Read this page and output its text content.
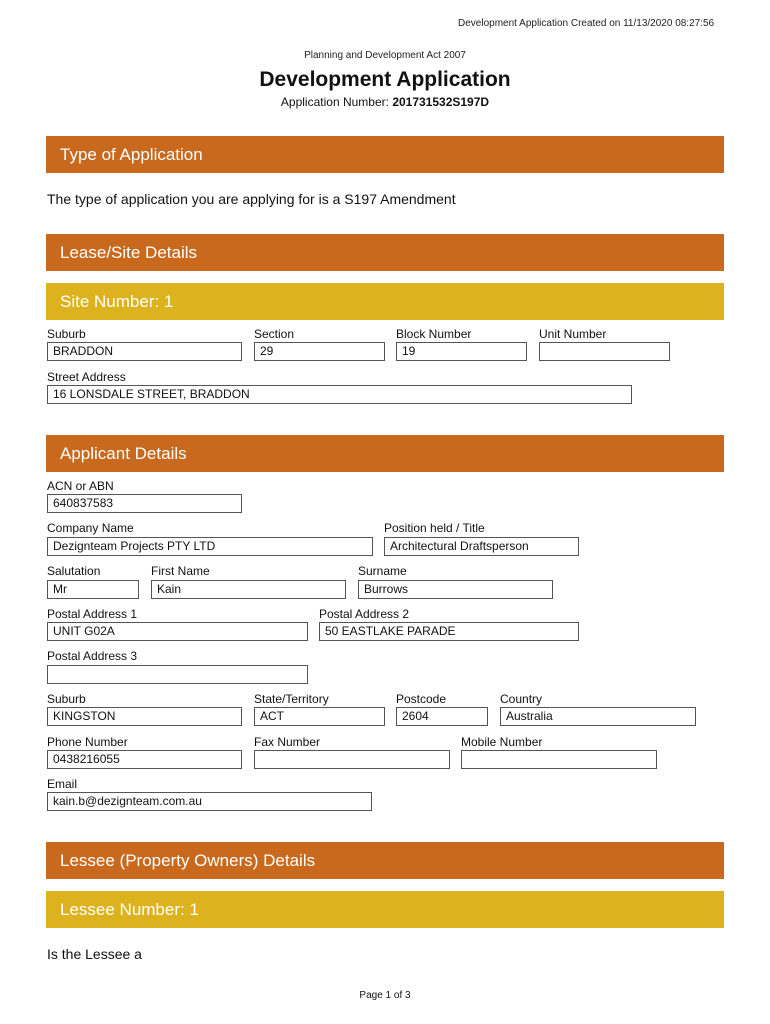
Development Application Created on 11/13/2020 08:27:56
Planning and Development Act 2007
Development Application
Application Number: 201731532S197D
Type of Application
The type of application you are applying for is a S197 Amendment
Lease/Site Details
Site Number: 1
Suburb
BRADDON
Section
29
Block Number
19
Unit Number
Street Address
16 LONSDALE STREET, BRADDON
Applicant Details
ACN or ABN
640837583
Company Name
Dezignteam Projects PTY LTD
Position held / Title
Architectural Draftsperson
Salutation
Mr
First Name
Kain
Surname
Burrows
Postal Address 1
UNIT G02A
Postal Address 2
50 EASTLAKE PARADE
Postal Address 3
Suburb
KINGSTON
State/Territory
ACT
Postcode
2604
Country
Australia
Phone Number
0438216055
Fax Number	Mobile Number
Email
kain.b@dezignteam.com.au
Lessee (Property Owners) Details
Lessee Number: 1
Is the Lessee a
Page 1 of 3
